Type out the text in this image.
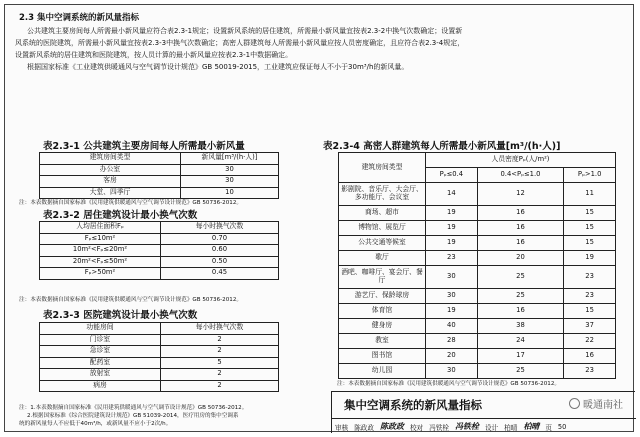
2.3 集中空调系统的新风量指标
公共建筑主要房间每人所需最小新风量应符合表2.3-1规定；设置新风系统的居住建筑，所需最小新风量宜按表2.3-2中换气次数确定；设置新
风系统的医院建筑，所需最小新风量宜按表2.3-3中换气次数确定；高密人群建筑每人所需最小新风量应按人员密度确定，且应符合表2.3-4规定，
设置新风系统的居住建筑和医院建筑，按人员计算的最小新风量应按表2.3-1中数据确定。
根据国家标准《工业建筑供暖通风与空气调节设计规范》GB 50019-2015，工业建筑应保证每人不小于30m³/h的新风量。
表2.3-1 公共建筑主要房间每人所需最小新风量
建筑房间类型	新风量[m³/(h·人)]
办公室	30
客房	30
大堂、四季厅	10
注：本表数据摘自国家标准《民用建筑供暖通风与空气调节设计规范》GB 50736-2012。
表2.3-2 居住建筑设计最小换气次数
人均居住面积Fₚ	每小时换气次数
Fₚ≤10m²	0.70
10m²<Fₚ≤20m²	0.60
20m²<Fₚ≤50m²	0.50
Fₚ>50m²	0.45
注：本表数据摘自国家标准《民用建筑供暖通风与空气调节设计规范》GB 50736-2012。
表2.3-3 医院建筑设计最小换气次数
功能房间	每小时换气次数
门诊室	2
急诊室	2
配药室	5
放射室	2
病房	2
注：1.本表数据摘自国家标准《民用建筑供暖通风与空气调节设计规范》GB 50736-2012。
2.根据国家标准《综合医院建筑设计规范》GB 51039-2014，医疗用房的集中空调系
统的新风量每人不应低于40m³/h，或新风量不应小于2次/h。
表2.3-4 高密人群建筑每人所需最小新风量[m³/(h·人)]
建筑房间类型	人员密度Pₚ(人/m²)		
	Pₚ≤0.4	0.4<Pₚ≤1.0	Pₚ>1.0
影剧院、音乐厅、大会厅、多功能厅、会议室	14	12	11
商场、超市	19	16	15
博物馆、展览厅	19	16	15
公共交通等候室	19	16	15
歌厅	23	20	19
酒吧、咖啡厅、宴会厅、餐厅	30	25	23
游艺厅、保龄球房	30	25	23
体育馆	19	16	15
健身房	40	38	37
教室	28	24	22
图书馆	20	17	16
幼儿园	30	25	23
注：本表数据摘自国家标准《民用建筑供暖通风与空气调节设计规范》GB 50736-2012。
集中空调系统的新风量指标	暖通南社
审核 陈政政 陈政政 校对 冯铁栓 冯铁栓 设计 柏晴 柏晴 页 50
